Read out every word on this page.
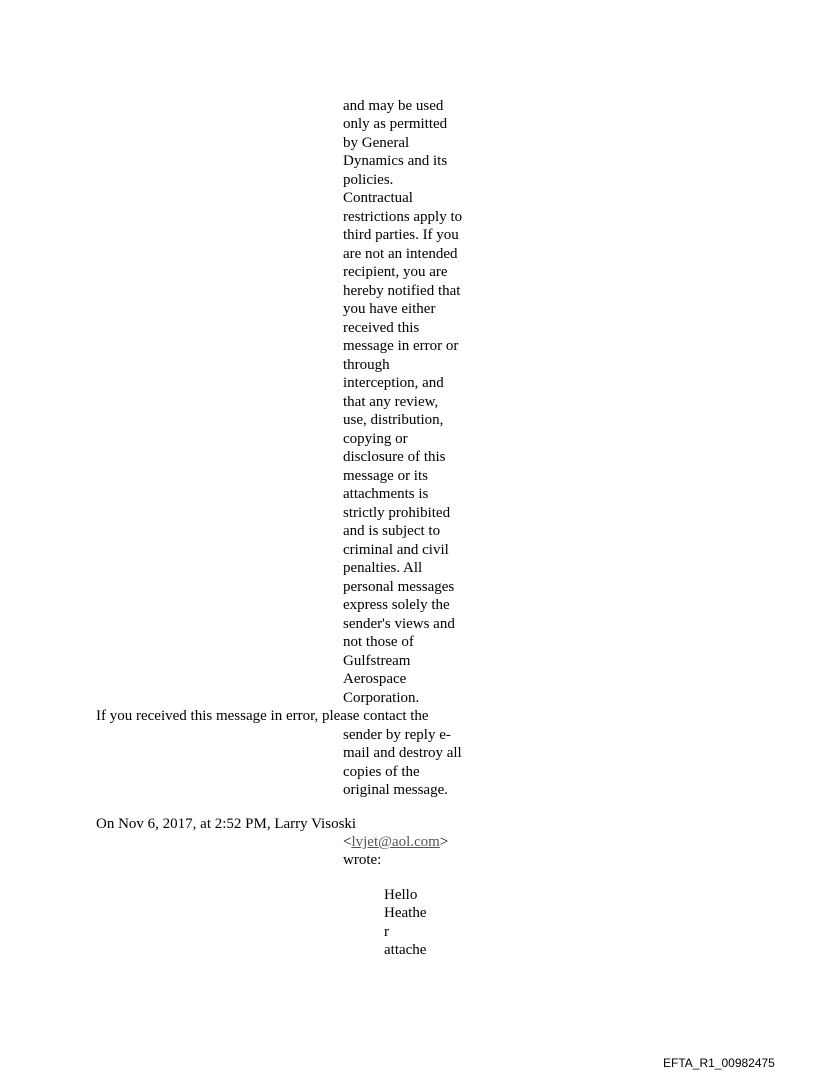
and may be used
only as permitted
by General
Dynamics and its
policies.
Contractual
restrictions apply to
third parties. If you
are not an intended
recipient, you are
hereby notified that
you have either
received this
message in error or
through
interception, and
that any review,
use, distribution,
copying or
disclosure of this
message or its
attachments is
strictly prohibited
and is subject to
criminal and civil
penalties. All
personal messages
express solely the
sender's views and
not those of
Gulfstream
Aerospace
Corporation.
If you received this message in error, please contact the
sender by reply e-
mail and destroy all
copies of the
original message.
On Nov 6, 2017, at 2:52 PM, Larry Visoski
<lvjet@aol.com>
wrote:
Hello
Heathe
r
attache
EFTA_R1_00982475
